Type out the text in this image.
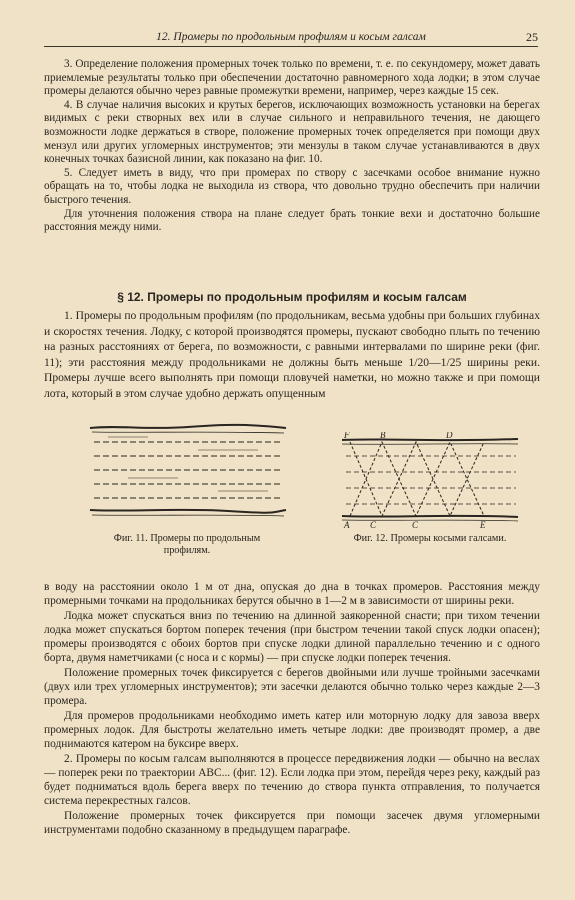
12. Промеры по продольным профилям и косым галсам	25

3. Определение положения промерных точек только по времени, т. е. по секундомеру, может давать приемлемые результаты только при обеспечении достаточно равномерного хода лодки; в этом случае промеры делаются обычно через равные промежутки времени, например, через каждые 15 сек.

4. В случае наличия высоких и крутых берегов, исключающих возможность установки на берегах видимых с реки створных вех или в случае сильного и неправильного течения, не дающего возможности лодке держаться в створе, положение промерных точек определяется при помощи двух мензул или других угломерных инструментов; эти мензулы в таком случае устанавливаются в двух конечных точках базисной линии, как показано на фиг. 10.

5. Следует иметь в виду, что при промерах по створу с засечками особое внимание нужно обращать на то, чтобы лодка не выходила из створа, что довольно трудно обеспечить при наличии быстрого течения.

Для уточнения положения створа на плане следует брать тонкие вехи и достаточно большие расстояния между ними.

§ 12. Промеры по продольным профилям и косым галсам

1. Промеры по продольным профилям (по продольникам, весьма удобны при больших глубинах и скоростях течения. Лодку, с которой производятся промеры, пускают свободно плыть по течению на разных расстояниях от берега, по возможности, с равными интервалами по ширине реки (фиг. 11); эти расстояния между продольниками не должны быть меньше 1/20—1/25 ширины реки. Промеры лучше всего выполнять при помощи пловучей наметки, но можно также и при помощи лота, который в этом случае удобно держать опущенным

Фиг. 11. Промеры по продольным профилям.
F	B	D
A C	C	E
Фиг. 12. Промеры косыми галсами.

в воду на расстоянии около 1 м от дна, опуская до дна в точках промеров. Расстояния между промерными точками на продольниках берутся обычно в 1—2 м в зависимости от ширины реки.

Лодка может спускаться вниз по течению на длинной заякоренной снасти; при тихом течении лодка может спускаться бортом поперек течения (при быстром течении такой спуск лодки опасен); промеры производятся с обоих бортов при спуске лодки длиной параллельно течению и с одного борта, двумя наметчиками (с носа и с кормы) — при спуске лодки поперек течения.

Положение промерных точек фиксируется с берегов двойными или лучше тройными засечками (двух или трех угломерных инструментов); эти засечки делаются обычно только через каждые 2—3 промера.

Для промеров продольниками необходимо иметь катер или моторную лодку для завоза вверх промерных лодок. Для быстроты желательно иметь четыре лодки: две производят промер, а две поднимаются катером на буксире вверх.

2. Промеры по косым галсам выполняются в процессе передвижения лодки — обычно на веслах — поперек реки по траектории ABC... (фиг. 12). Если лодка при этом, перейдя через реку, каждый раз будет подниматься вдоль берега вверх по течению до створа пункта отправления, то получается система перекрестных галсов.

Положение промерных точек фиксируется при помощи засечек двумя угломерными инструментами подобно сказанному в предыдущем параграфе.
